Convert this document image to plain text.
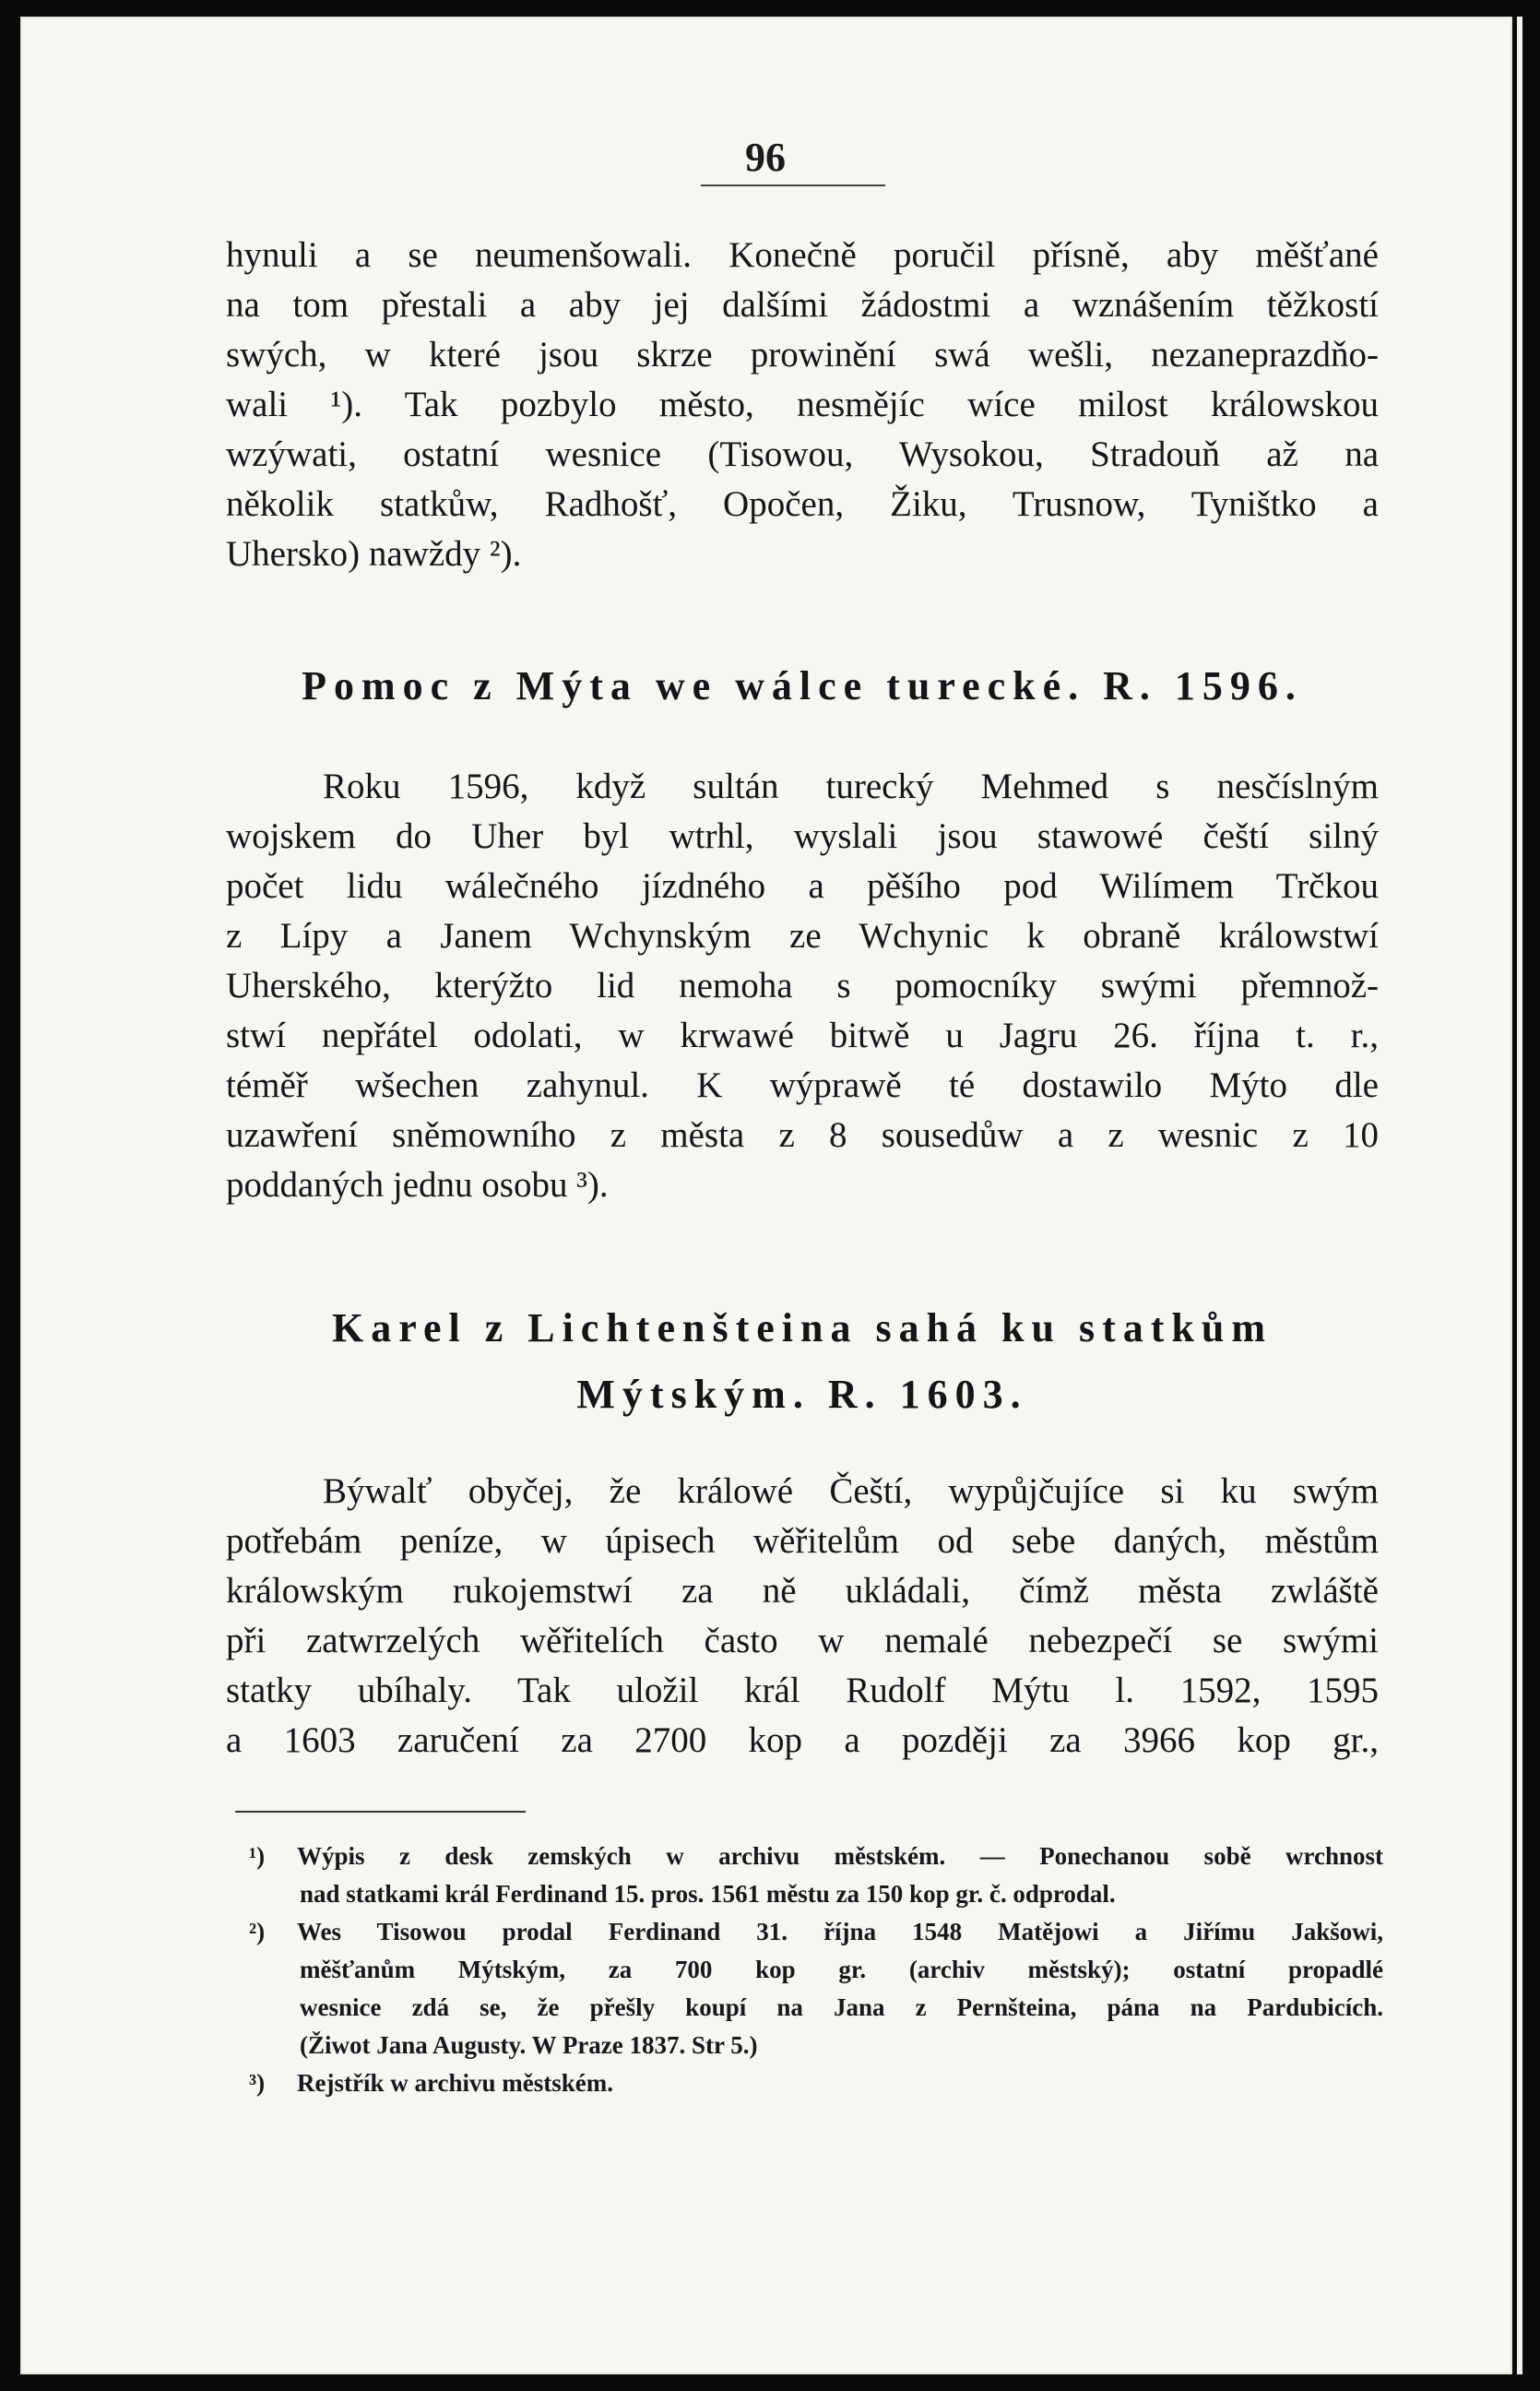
96
hynuli a se neumenšowali. Konečně poručil přísně, aby měšťané
na tom přestali a aby jej dalšími žádostmi a wznášením těžkostí
swých, w které jsou skrze prowinění swá wešli, nezaneprazdňo-
wali ¹). Tak pozbylo město, nesmějíc wíce milost králowskou
wzýwati, ostatní wesnice (Tisowou, Wysokou, Stradouň až na
několik statkůw, Radhošť, Opočen, Žiku, Trusnow, Tyništko a
Uhersko) nawždy ²).
Pomoc z Mýta we wálce turecké. R. 1596.
Roku 1596, když sultán turecký Mehmed s nesčíslným
wojskem do Uher byl wtrhl, wyslali jsou stawowé čeští silný
počet lidu wálečného jízdného a pěšího pod Wilímem Trčkou
z Lípy a Janem Wchynským ze Wchynic k obraně králowstwí
Uherského, kterýžto lid nemoha s pomocníky swými přemnož-
stwí nepřátel odolati, w krwawé bitwě u Jagru 26. října t. r.,
téměř wšechen zahynul. K wýprawě té dostawilo Mýto dle
uzawření sněmowního z města z 8 sousedůw a z wesnic z 10
poddaných jednu osobu ³).
Karel z Lichtenšteina sahá ku statkům
Mýtským. R. 1603.
Býwalť obyčej, že králowé Čeští, wypůjčujíce si ku swým
potřebám peníze, w úpisech wěřitelům od sebe daných, městům
králowským rukojemstwí za ně ukládali, čímž města zwláště
při zatwrzelých wěřitelích často w nemalé nebezpečí se swými
statky ubíhaly. Tak uložil král Rudolf Mýtu l. 1592, 1595
a 1603 zaručení za 2700 kop a později za 3966 kop gr.,
¹) Wýpis z desk zemských w archivu městském. — Ponechanou sobě wrchnost
nad statkami král Ferdinand 15. pros. 1561 městu za 150 kop gr. č. odprodal.
²) Wes Tisowou prodal Ferdinand 31. října 1548 Matějowi a Jiřímu Jakšowi,
měšťanům Mýtským, za 700 kop gr. (archiv městský); ostatní propadlé
wesnice zdá se, že přešly koupí na Jana z Pernšteina, pána na Pardubicích.
(Žiwot Jana Augusty. W Praze 1837. Str 5.)
³) Rejstřík w archivu městském.
